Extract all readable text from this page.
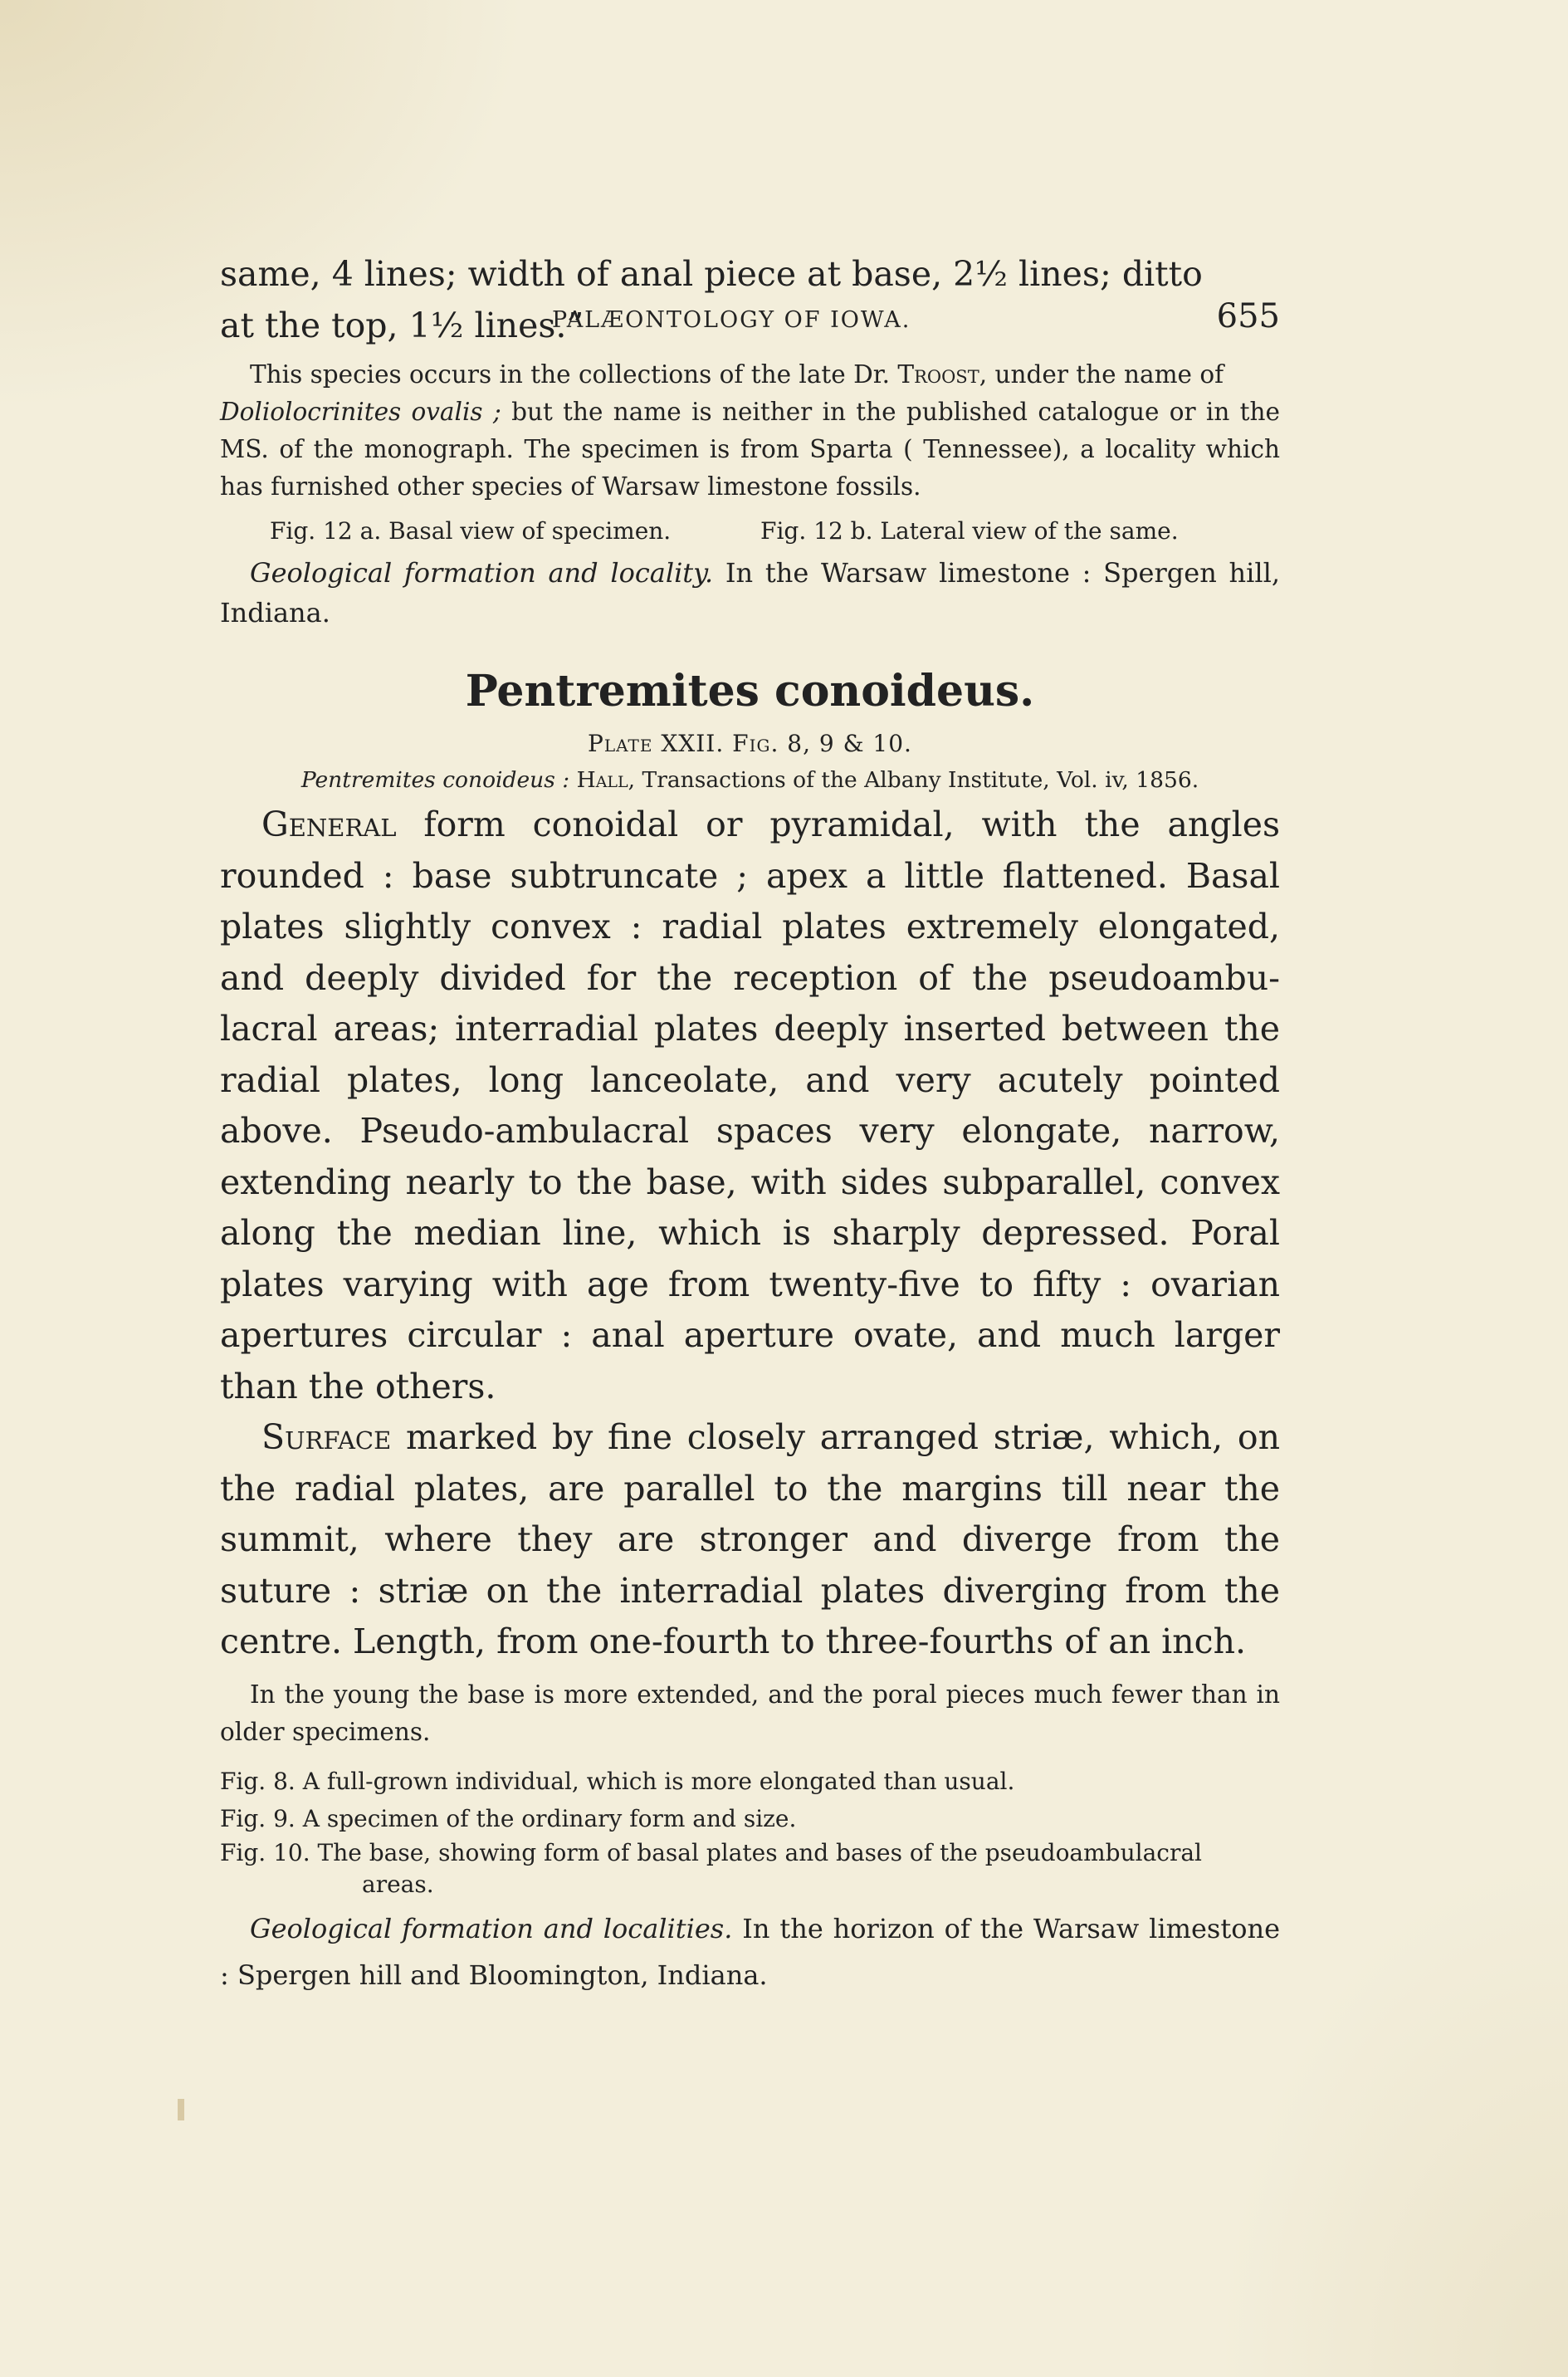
PALÆONTOLOGY OF IOWA.	655

same, 4 lines; width of anal piece at base, 2½ lines; ditto
at the top, 1½ lines.”

This species occurs in the collections of the late Dr. Troost, under the name of
Doliolocrinites ovalis ; but the name is neither in the published catalogue or in the MS. of the monograph. The specimen is from Sparta ( Tennessee), a locality which has furnished other species of Warsaw limestone fossils.

Fig. 12 a. Basal view of specimen.	Fig. 12 b. Lateral view of the same.

Geological formation and locality. In the Warsaw limestone : Spergen hill, Indiana.

Pentremites conoideus.

Plate XXII. Fig. 8, 9 & 10.

Pentremites conoideus : Hall, Transactions of the Albany Institute, Vol. iv, 1856.

General form conoidal or pyramidal, with the angles rounded : base subtruncate ; apex a little flattened. Basal plates slightly convex : radial plates extremely elongated, and deeply divided for the reception of the pseudoambulacral areas; interradial plates deeply inserted between the radial plates, long lanceolate, and very acutely pointed above. Pseudo-ambulacral spaces very elongate, narrow, extending nearly to the base, with sides subparallel, convex along the median line, which is sharply depressed. Poral plates varying with age from twenty-five to fifty : ovarian apertures circular : anal aperture ovate, and much larger than the others.

Surface marked by fine closely arranged striæ, which, on the radial plates, are parallel to the margins till near the summit, where they are stronger and diverge from the suture : striæ on the interradial plates diverging from the centre. Length, from one-fourth to three-fourths of an inch.

In the young the base is more extended, and the poral pieces much fewer than in older specimens.

Fig. 8. A full-grown individual, which is more elongated than usual.

Fig. 9. A specimen of the ordinary form and size.

Fig. 10. The base, showing form of basal plates and bases of the pseudoambulacral areas.

Geological formation and localities. In the horizon of the Warsaw limestone : Spergen hill and Bloomington, Indiana.
